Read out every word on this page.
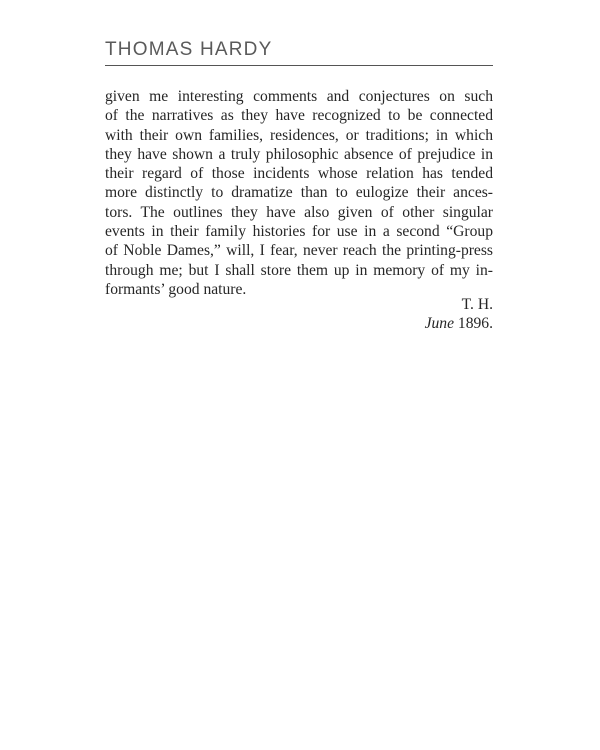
THOMAS HARDY
given me interesting comments and conjectures on such
of the narratives as they have recognized to be connected
with their own families, residences, or traditions; in which
they have shown a truly philosophic absence of prejudice in
their regard of those incidents whose relation has tended
more distinctly to dramatize than to eulogize their ances-
tors. The outlines they have also given of other singular
events in their family histories for use in a second “Group
of Noble Dames,” will, I fear, never reach the printing-press
through me; but I shall store them up in memory of my in-
formants’ good nature.
T. H.
June 1896.
